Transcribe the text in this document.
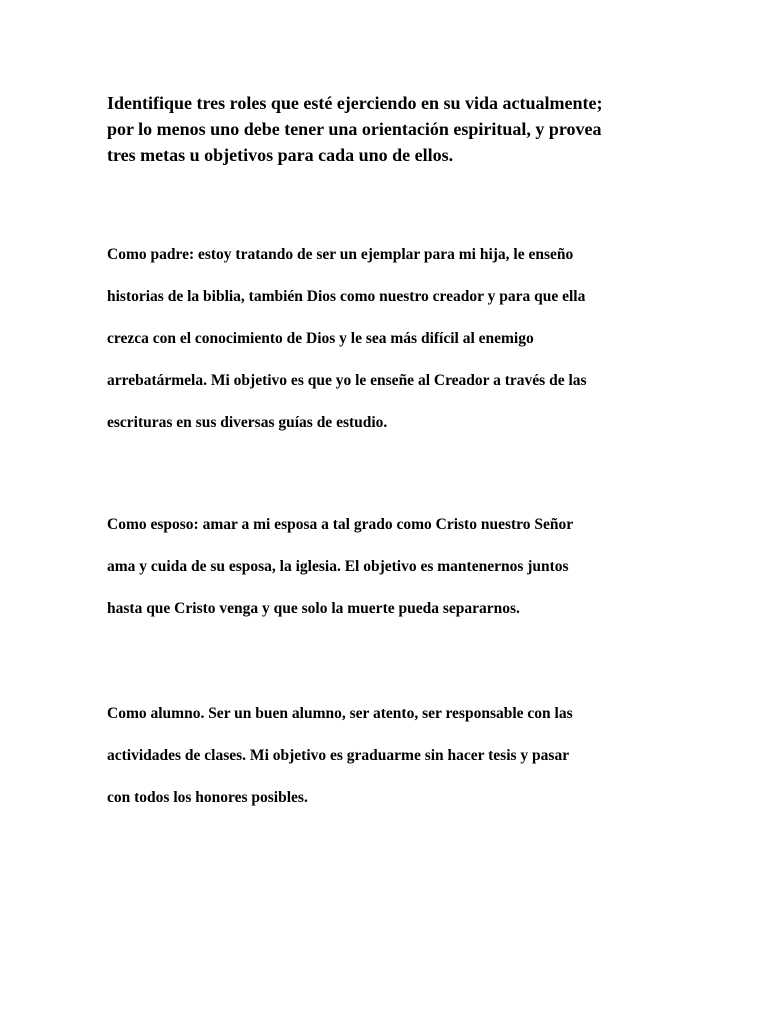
Identifique tres roles que esté ejerciendo en su vida actualmente;
por lo menos uno debe tener una orientación espiritual, y provea
tres metas u objetivos para cada uno de ellos.

Como padre: estoy tratando de ser un ejemplar para mi hija, le enseño
historias de la biblia, también Dios como nuestro creador y para que ella
crezca con el conocimiento de Dios y le sea más difícil al enemigo
arrebatármela. Mi objetivo es que yo le enseñe al Creador a través de las
escrituras en sus diversas guías de estudio.

Como esposo: amar a mi esposa a tal grado como Cristo nuestro Señor
ama y cuida de su esposa, la iglesia. El objetivo es mantenernos juntos
hasta que Cristo venga y que solo la muerte pueda separarnos.

Como alumno. Ser un buen alumno, ser atento, ser responsable con las
actividades de clases. Mi objetivo es graduarme sin hacer tesis y pasar
con todos los honores posibles.
